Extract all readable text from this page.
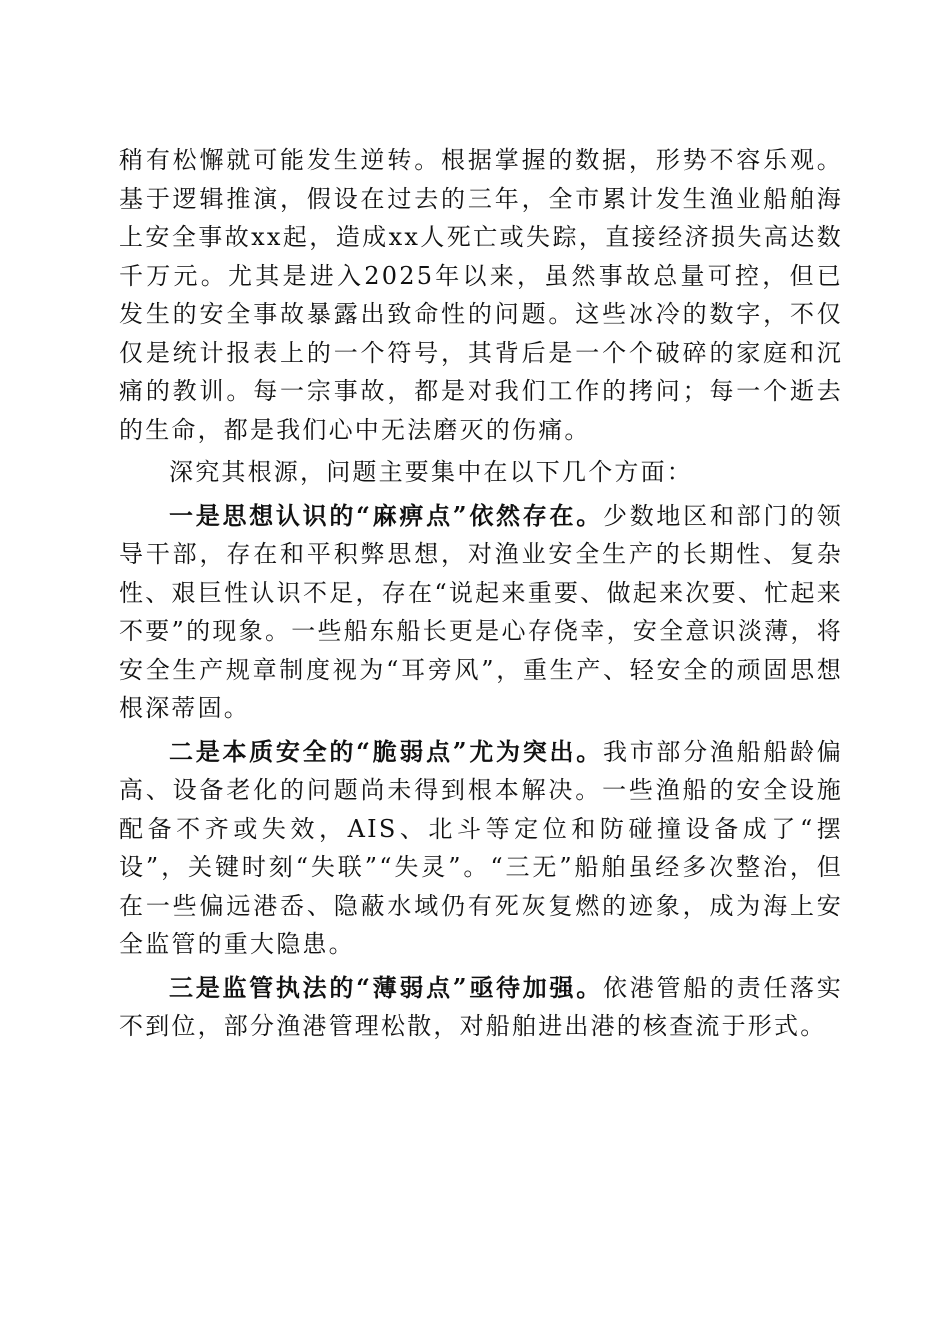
稍有松懈就可能发生逆转。根据掌握的数据，形势不容乐观。基于逻辑推演，假设在过去的三年，全市累计发生渔业船舶海上安全事故xx起，造成xx人死亡或失踪，直接经济损失高达数千万元。尤其是进入2025年以来，虽然事故总量可控，但已发生的安全事故暴露出致命性的问题。这些冰冷的数字，不仅仅是统计报表上的一个符号，其背后是一个个破碎的家庭和沉痛的教训。每一宗事故，都是对我们工作的拷问；每一个逝去的生命，都是我们心中无法磨灭的伤痛。

深究其根源，问题主要集中在以下几个方面：

一是思想认识的“麻痹点”依然存在。少数地区和部门的领导干部，存在和平积弊思想，对渔业安全生产的长期性、复杂性、艰巨性认识不足，存在“说起来重要、做起来次要、忙起来不要”的现象。一些船东船长更是心存侥幸，安全意识淡薄，将安全生产规章制度视为“耳旁风”，重生产、轻安全的顽固思想根深蒂固。

二是本质安全的“脆弱点”尤为突出。我市部分渔船船龄偏高、设备老化的问题尚未得到根本解决。一些渔船的安全设施配备不齐或失效，AIS、北斗等定位和防碰撞设备成了“摆设”，关键时刻“失联”“失灵”。“三无”船舶虽经多次整治，但在一些偏远港岙、隐蔽水域仍有死灰复燃的迹象，成为海上安全监管的重大隐患。

三是监管执法的“薄弱点”亟待加强。依港管船的责任落实不到位，部分渔港管理松散，对船舶进出港的核查流于形式。
